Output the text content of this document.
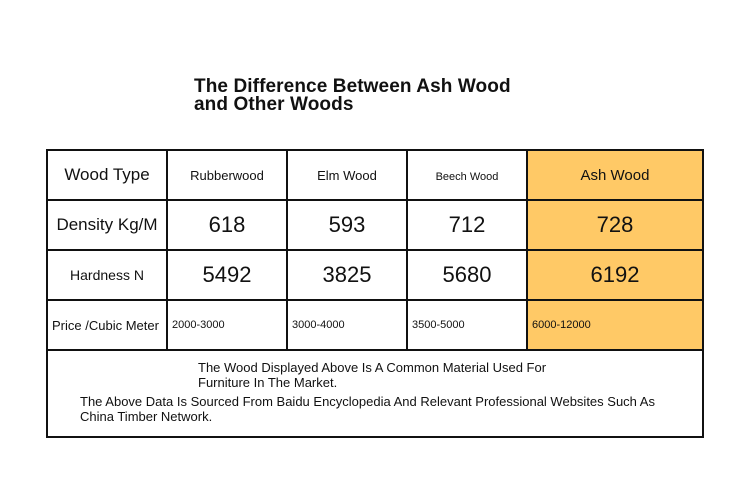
The Difference Between Ash Wood
and Other Woods
Wood Type	Rubberwood	Elm Wood	Beech Wood	Ash Wood
Density Kg/M	618	593	712	728
Hardness N	5492	3825	5680	6192
Price /Cubic Meter	2000-3000	3000-4000	3500-5000	6000-12000
The Wood Displayed Above Is A Common Material Used For Furniture In The Market.
The Above Data Is Sourced From Baidu Encyclopedia And Relevant Professional Websites Such As China Timber Network.
